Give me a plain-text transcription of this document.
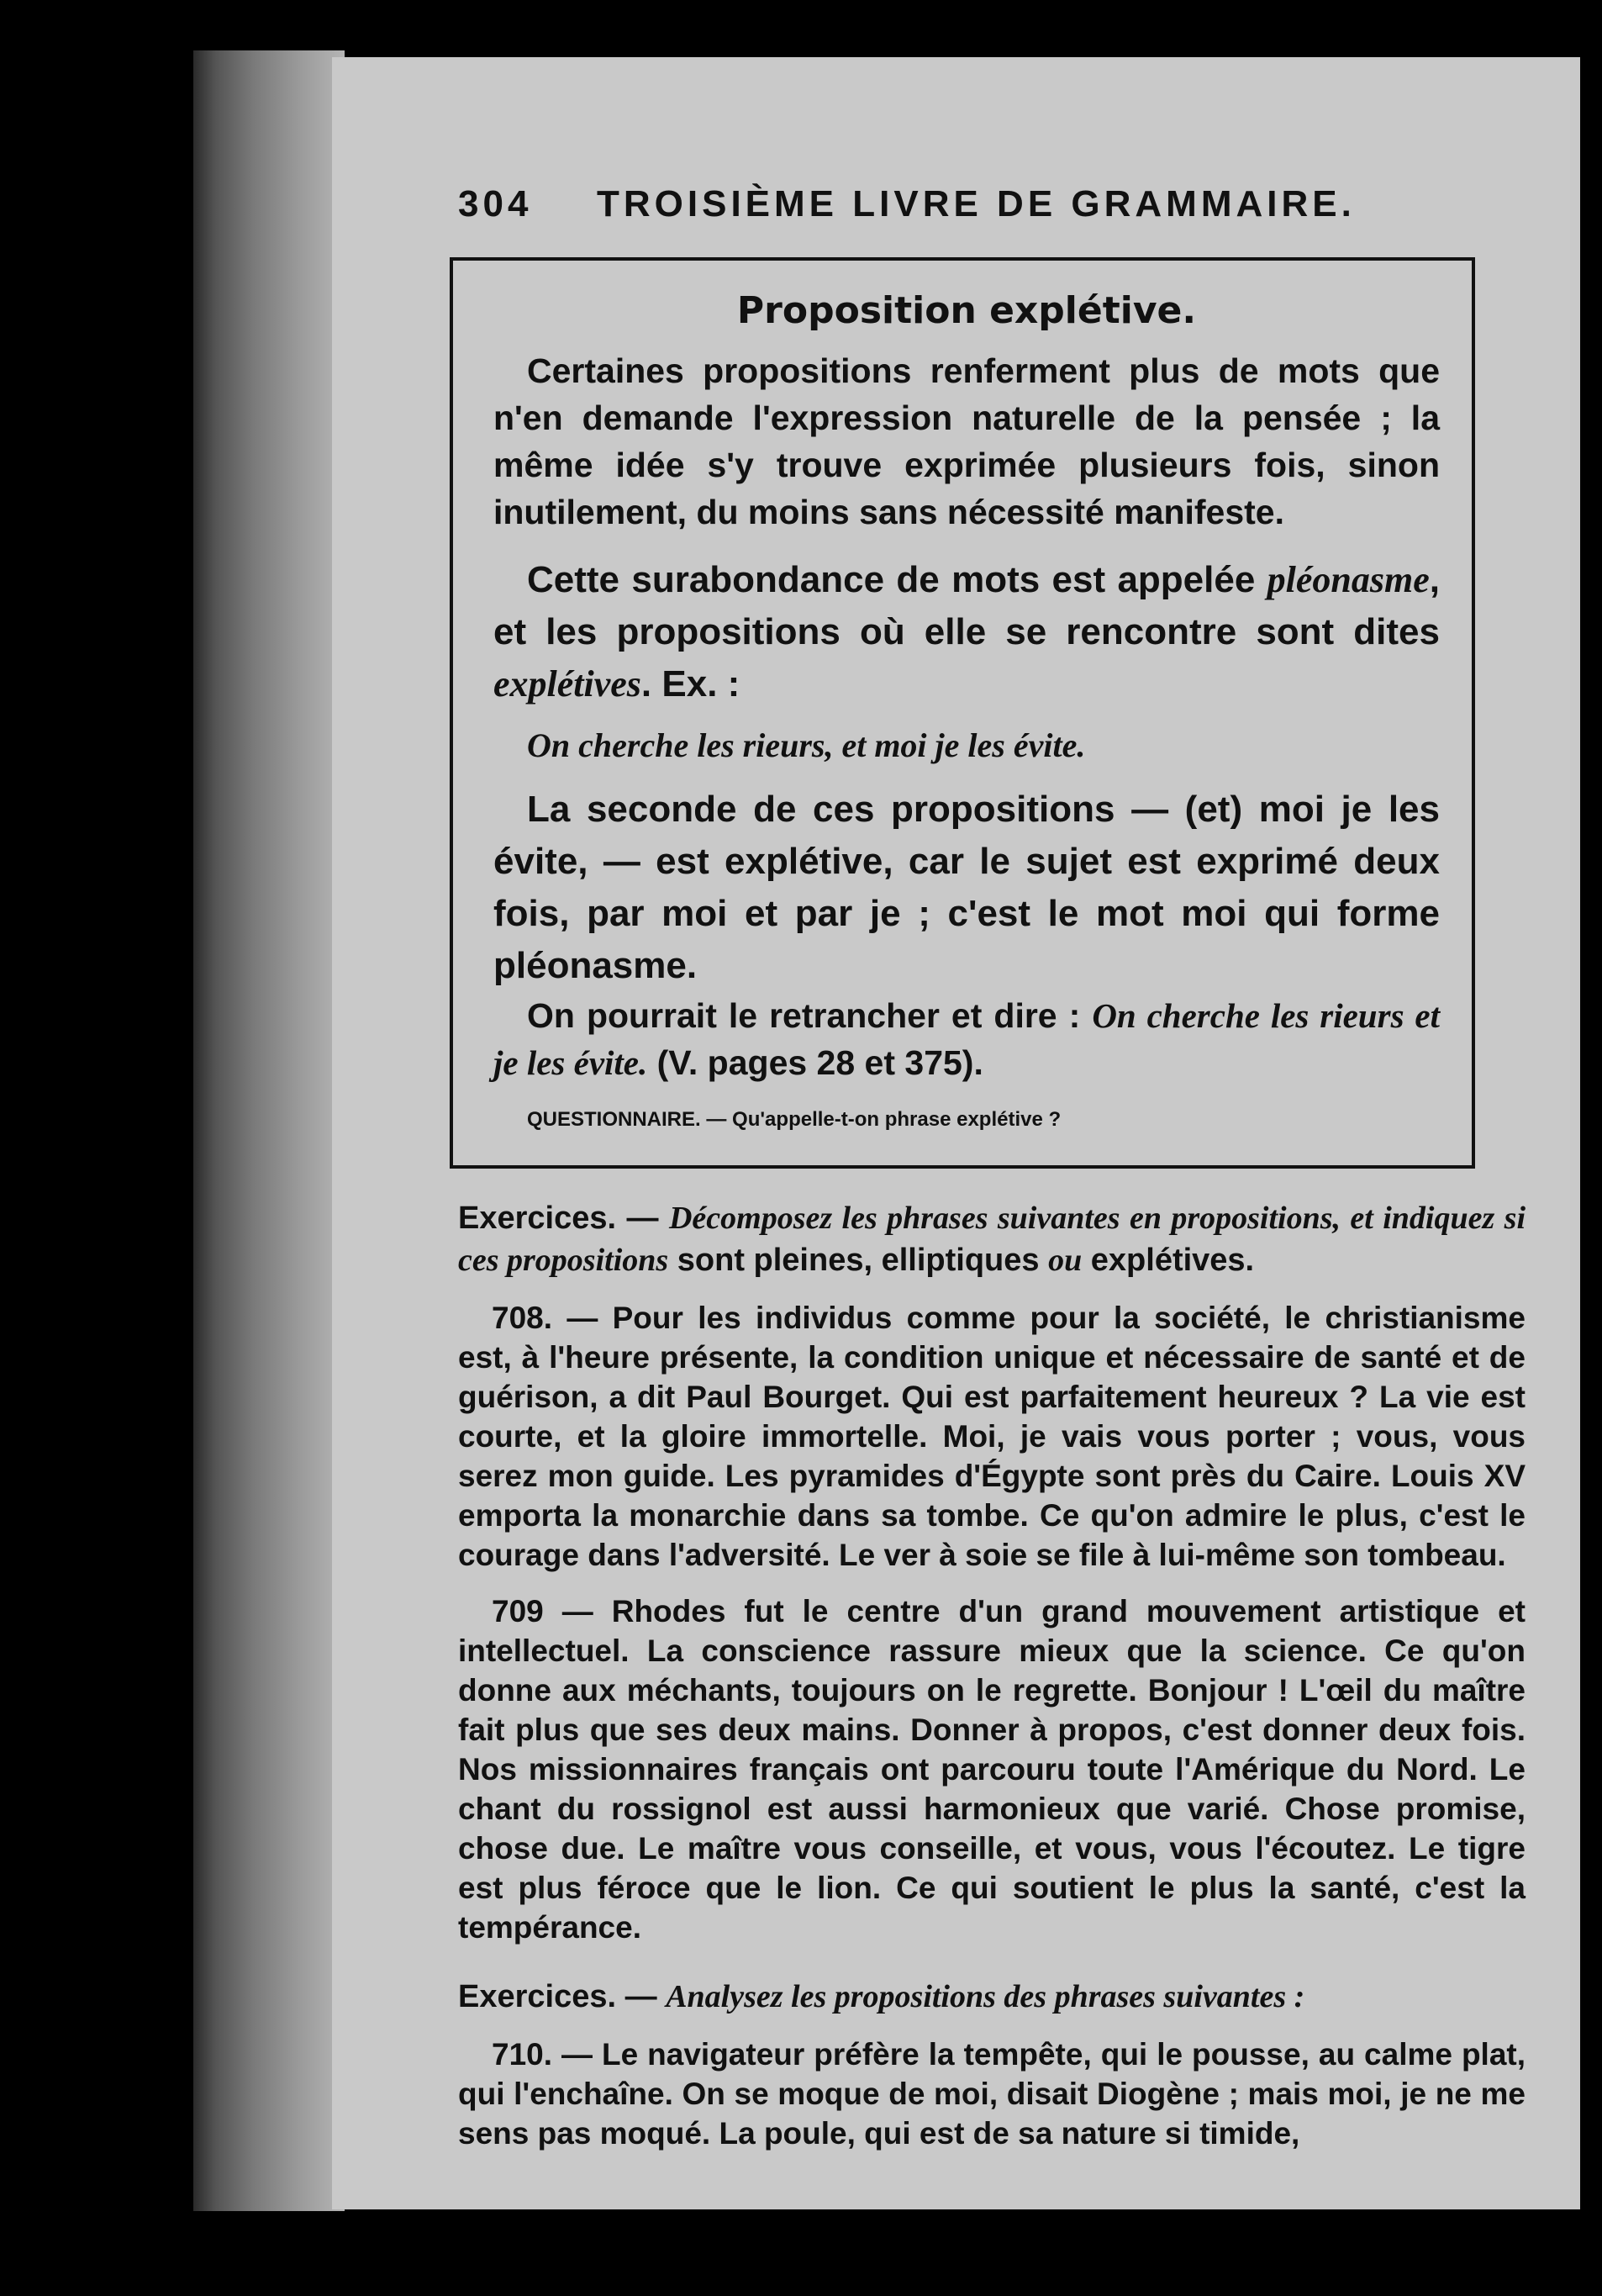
304 TROISIÈME LIVRE DE GRAMMAIRE.
Proposition explétive.

Certaines propositions renferment plus de mots que n'en demande l'expression naturelle de la pensée ; la même idée s'y trouve exprimée plusieurs fois, sinon inutilement, du moins sans nécessité manifeste.

Cette surabondance de mots est appelée pléonasme, et les propositions où elle se rencontre sont dites explétives. Ex. :

On cherche les rieurs, et moi je les évite.

La seconde de ces propositions — (et) moi je les évite, — est explétive, car le sujet est exprimé deux fois, par moi et par je ; c'est le mot moi qui forme pléonasme.

On pourrait le retrancher et dire : On cherche les rieurs et je les évite. (V. pages 28 et 375).

QUESTIONNAIRE. — Qu'appelle-t-on phrase explétive ?

Exercices. — Décomposez les phrases suivantes en propositions, et indiquez si ces propositions sont pleines, elliptiques ou explétives.

708. — Pour les individus comme pour la société, le christianisme est, à l'heure présente, la condition unique et nécessaire de santé et de guérison, a dit Paul Bourget. Qui est parfaitement heureux ? La vie est courte, et la gloire immortelle. Moi, je vais vous porter ; vous, vous serez mon guide. Les pyramides d'Égypte sont près du Caire. Louis XV emporta la monarchie dans sa tombe. Ce qu'on admire le plus, c'est le courage dans l'adversité. Le ver à soie se file à lui-même son tombeau.

709 — Rhodes fut le centre d'un grand mouvement artistique et intellectuel. La conscience rassure mieux que la science. Ce qu'on donne aux méchants, toujours on le regrette. Bonjour ! L'œil du maître fait plus que ses deux mains. Donner à propos, c'est donner deux fois. Nos missionnaires français ont parcouru toute l'Amérique du Nord. Le chant du rossignol est aussi harmonieux que varié. Chose promise, chose due. Le maître vous conseille, et vous, vous l'écoutez. Le tigre est plus féroce que le lion. Ce qui soutient le plus la santé, c'est la tempérance.

Exercices. — Analysez les propositions des phrases suivantes :

710. — Le navigateur préfère la tempête, qui le pousse, au calme plat, qui l'enchaîne. On se moque de moi, disait Diogène ; mais moi, je ne me sens pas moqué. La poule, qui est de sa nature si timide,
